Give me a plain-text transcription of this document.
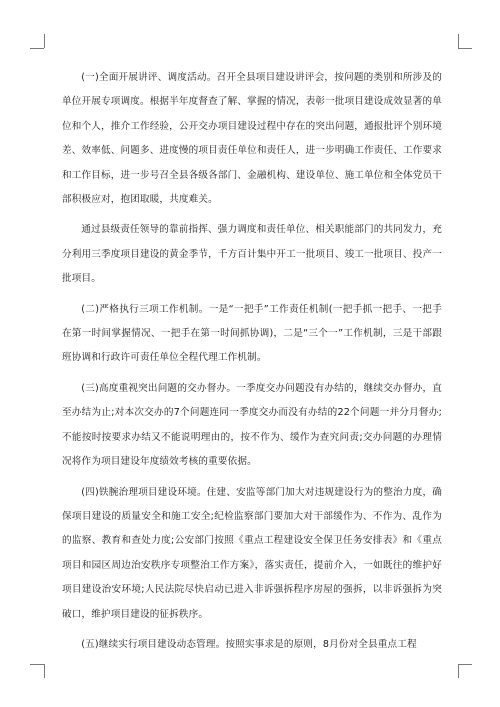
(一)全面开展讲评、调度活动。召开全县项目建设讲评会，按问题的类别和所涉及的单位开展专项调度。根据半年度督查了解、掌握的情况，表彰一批项目建设成效显著的单位和个人，推介工作经验，公开交办项目建设过程中存在的突出问题，通报批评个别环境差、效率低、问题多、进度慢的项目责任单位和责任人，进一步明确工作责任、工作要求和工作目标，进一步号召全县各级各部门、金融机构、建设单位、施工单位和全体党员干部积极应对，抱团取暖，共度难关。

通过县级责任领导的靠前指挥、强力调度和责任单位、相关职能部门的共同发力，充分利用三季度项目建设的黄金季节，千方百计集中开工一批项目、竣工一批项目、投产一批项目。

(二)严格执行三项工作机制。一是“一把手”工作责任机制(一把手抓一把手、一把手在第一时间掌握情况、一把手在第一时间抓协调)，二是“三个一”工作机制，三是干部跟班协调和行政许可责任单位全程代理工作机制。

(三)高度重视突出问题的交办督办。一季度交办问题没有办结的，继续交办督办，直至办结为止;对本次交办的7个问题连同一季度交办而没有办结的22个问题一并分月督办;不能按时按要求办结又不能说明理由的，按不作为、缓作为查究问责;交办问题的办理情况将作为项目建设年度绩效考核的重要依据。

(四)铁腕治理项目建设环境。住建、安监等部门加大对违规建设行为的整治力度，确保项目建设的质量安全和施工安全;纪检监察部门要加大对干部缓作为、不作为、乱作为的监察、教育和查处力度;公安部门按照《重点工程建设安全保卫任务安排表》和《重点项目和园区周边治安秩序专项整治工作方案》，落实责任，提前介入，一如既往的维护好项目建设治安环境;人民法院尽快启动已进入非诉强拆程序房屋的强拆，以非诉强拆为突破口，维护项目建设的征拆秩序。

(五)继续实行项目建设动态管理。按照实事求是的原则，8月份对全县重点工程
